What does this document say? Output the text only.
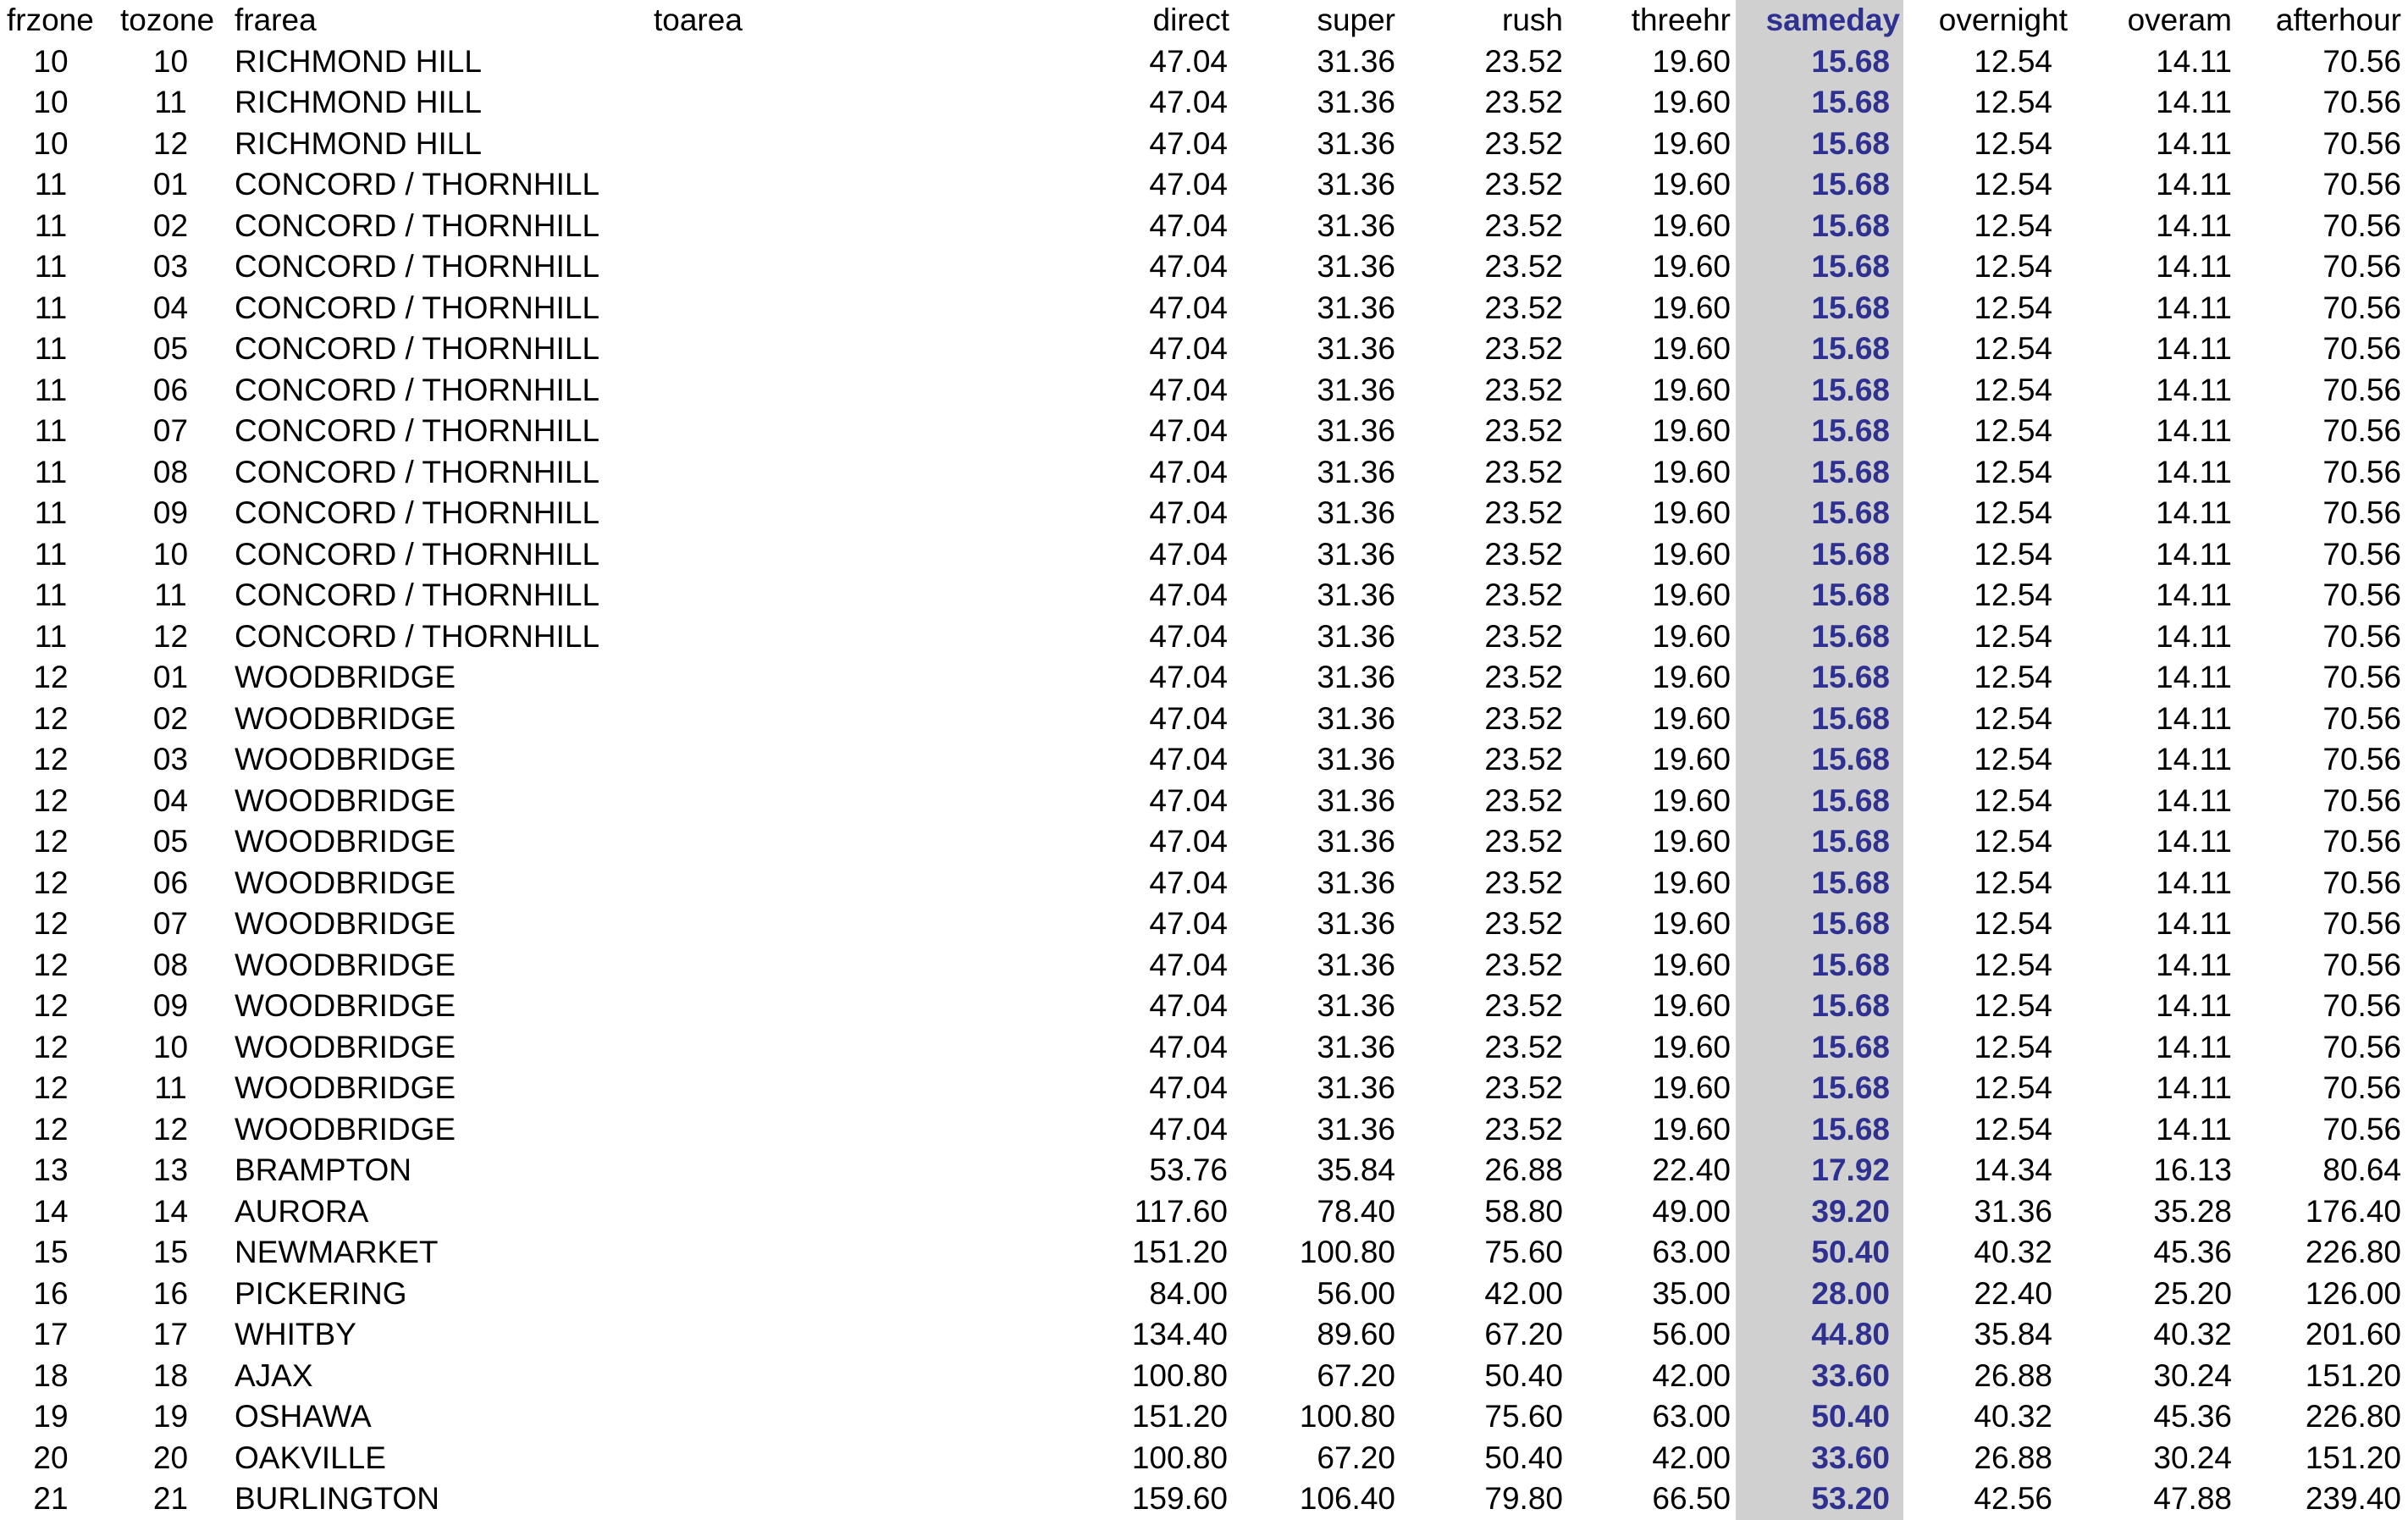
frzone tozone frarea	toarea	direct	super	rush threehr sameday overnight overam afterhour
10	10	RICHMOND HILL	47.04	31.36	23.52	19.60	15.68	12.54	14.11	70.56
10	11	RICHMOND HILL	47.04	31.36	23.52	19.60	15.68	12.54	14.11	70.56
10	12	RICHMOND HILL	47.04	31.36	23.52	19.60	15.68	12.54	14.11	70.56
11	01	CONCORD / THORNHILL	47.04	31.36	23.52	19.60	15.68	12.54	14.11	70.56
11	02	CONCORD / THORNHILL	47.04	31.36	23.52	19.60	15.68	12.54	14.11	70.56
11	03	CONCORD / THORNHILL	47.04	31.36	23.52	19.60	15.68	12.54	14.11	70.56
11	04	CONCORD / THORNHILL	47.04	31.36	23.52	19.60	15.68	12.54	14.11	70.56
11	05	CONCORD / THORNHILL	47.04	31.36	23.52	19.60	15.68	12.54	14.11	70.56
11	06	CONCORD / THORNHILL	47.04	31.36	23.52	19.60	15.68	12.54	14.11	70.56
11	07	CONCORD / THORNHILL	47.04	31.36	23.52	19.60	15.68	12.54	14.11	70.56
11	08	CONCORD / THORNHILL	47.04	31.36	23.52	19.60	15.68	12.54	14.11	70.56
11	09	CONCORD / THORNHILL	47.04	31.36	23.52	19.60	15.68	12.54	14.11	70.56
11	10	CONCORD / THORNHILL	47.04	31.36	23.52	19.60	15.68	12.54	14.11	70.56
11	11	CONCORD / THORNHILL	47.04	31.36	23.52	19.60	15.68	12.54	14.11	70.56
11	12	CONCORD / THORNHILL	47.04	31.36	23.52	19.60	15.68	12.54	14.11	70.56
12	01	WOODBRIDGE	47.04	31.36	23.52	19.60	15.68	12.54	14.11	70.56
12	02	WOODBRIDGE	47.04	31.36	23.52	19.60	15.68	12.54	14.11	70.56
12	03	WOODBRIDGE	47.04	31.36	23.52	19.60	15.68	12.54	14.11	70.56
12	04	WOODBRIDGE	47.04	31.36	23.52	19.60	15.68	12.54	14.11	70.56
12	05	WOODBRIDGE	47.04	31.36	23.52	19.60	15.68	12.54	14.11	70.56
12	06	WOODBRIDGE	47.04	31.36	23.52	19.60	15.68	12.54	14.11	70.56
12	07	WOODBRIDGE	47.04	31.36	23.52	19.60	15.68	12.54	14.11	70.56
12	08	WOODBRIDGE	47.04	31.36	23.52	19.60	15.68	12.54	14.11	70.56
12	09	WOODBRIDGE	47.04	31.36	23.52	19.60	15.68	12.54	14.11	70.56
12	10	WOODBRIDGE	47.04	31.36	23.52	19.60	15.68	12.54	14.11	70.56
12	11	WOODBRIDGE	47.04	31.36	23.52	19.60	15.68	12.54	14.11	70.56
12	12	WOODBRIDGE	47.04	31.36	23.52	19.60	15.68	12.54	14.11	70.56
13	13	BRAMPTON	53.76	35.84	26.88	22.40	17.92	14.34	16.13	80.64
14	14	AURORA	117.60	78.40	58.80	49.00	39.20	31.36	35.28 176.40
15	15	NEWMARKET	151.20 100.80	75.60	63.00	50.40	40.32	45.36 226.80
16	16	PICKERING	84.00	56.00	42.00	35.00	28.00	22.40	25.20 126.00
17	17	WHITBY	134.40	89.60	67.20	56.00	44.80	35.84	40.32 201.60
18	18	AJAX	100.80	67.20	50.40	42.00	33.60	26.88	30.24 151.20
19	19	OSHAWA	151.20 100.80	75.60	63.00	50.40	40.32	45.36 226.80
20	20	OAKVILLE	100.80	67.20	50.40	42.00	33.60	26.88	30.24 151.20
21	21	BURLINGTON	159.60 106.40	79.80	66.50	53.20	42.56	47.88 239.40
